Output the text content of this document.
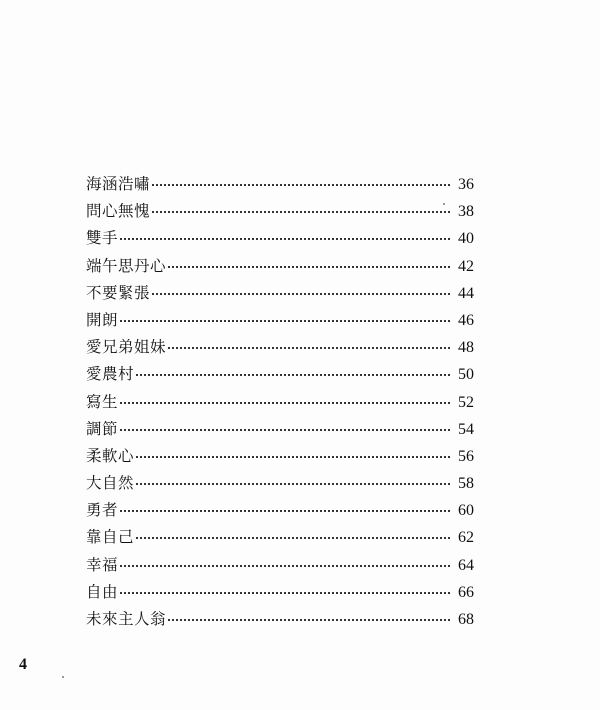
海涵浩嘯	36
問心無愧	38
雙手	40
端午思丹心	42
不要緊張	44
開朗	46
愛兄弟姐妹	48
愛農村	50
寫生	52
調節	54
柔軟心	56
大自然	58
勇者	60
靠自己	62
幸福	64
自由	66
未來主人翁	68
4
